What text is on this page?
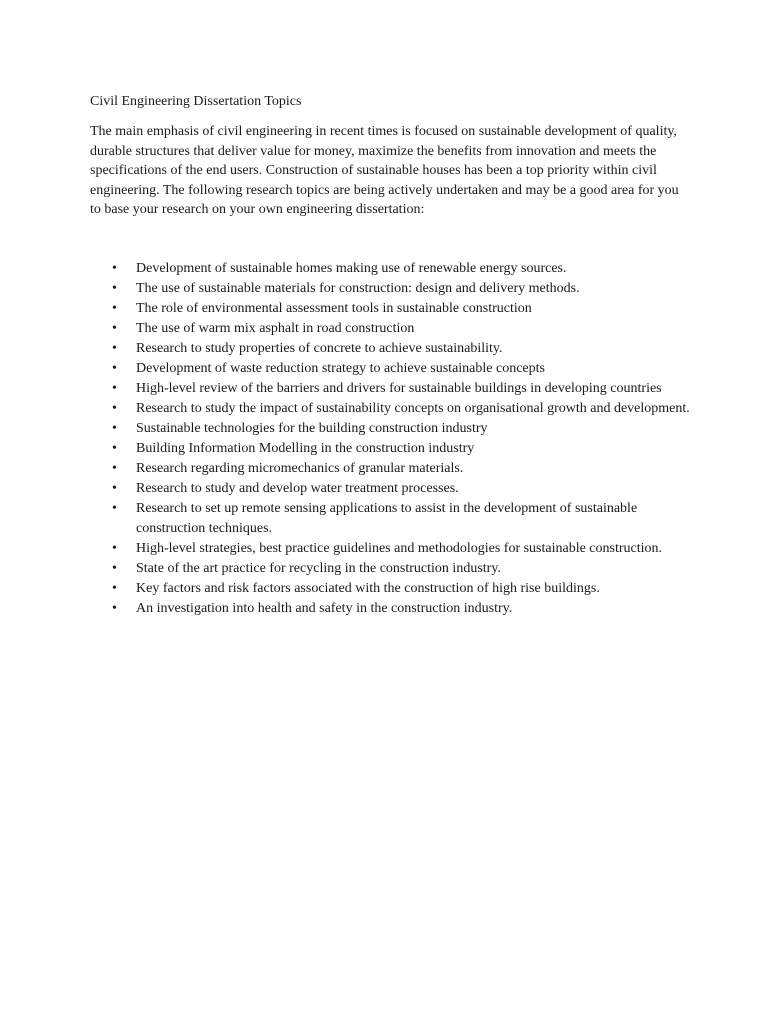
Civil Engineering Dissertation Topics

The main emphasis of civil engineering in recent times is focused on sustainable development of quality, durable structures that deliver value for money, maximize the benefits from innovation and meets the specifications of the end users. Construction of sustainable houses has been a top priority within civil engineering. The following research topics are being actively undertaken and may be a good area for you to base your research on your own engineering dissertation:

• Development of sustainable homes making use of renewable energy sources.
• The use of sustainable materials for construction: design and delivery methods.
• The role of environmental assessment tools in sustainable construction
• The use of warm mix asphalt in road construction
• Research to study properties of concrete to achieve sustainability.
• Development of waste reduction strategy to achieve sustainable concepts
• High-level review of the barriers and drivers for sustainable buildings in developing countries
• Research to study the impact of sustainability concepts on organisational growth and development.
• Sustainable technologies for the building construction industry
• Building Information Modelling in the construction industry
• Research regarding micromechanics of granular materials.
• Research to study and develop water treatment processes.
• Research to set up remote sensing applications to assist in the development of sustainable construction techniques.
• High-level strategies, best practice guidelines and methodologies for sustainable construction.
• State of the art practice for recycling in the construction industry.
• Key factors and risk factors associated with the construction of high rise buildings.
• An investigation into health and safety in the construction industry.
